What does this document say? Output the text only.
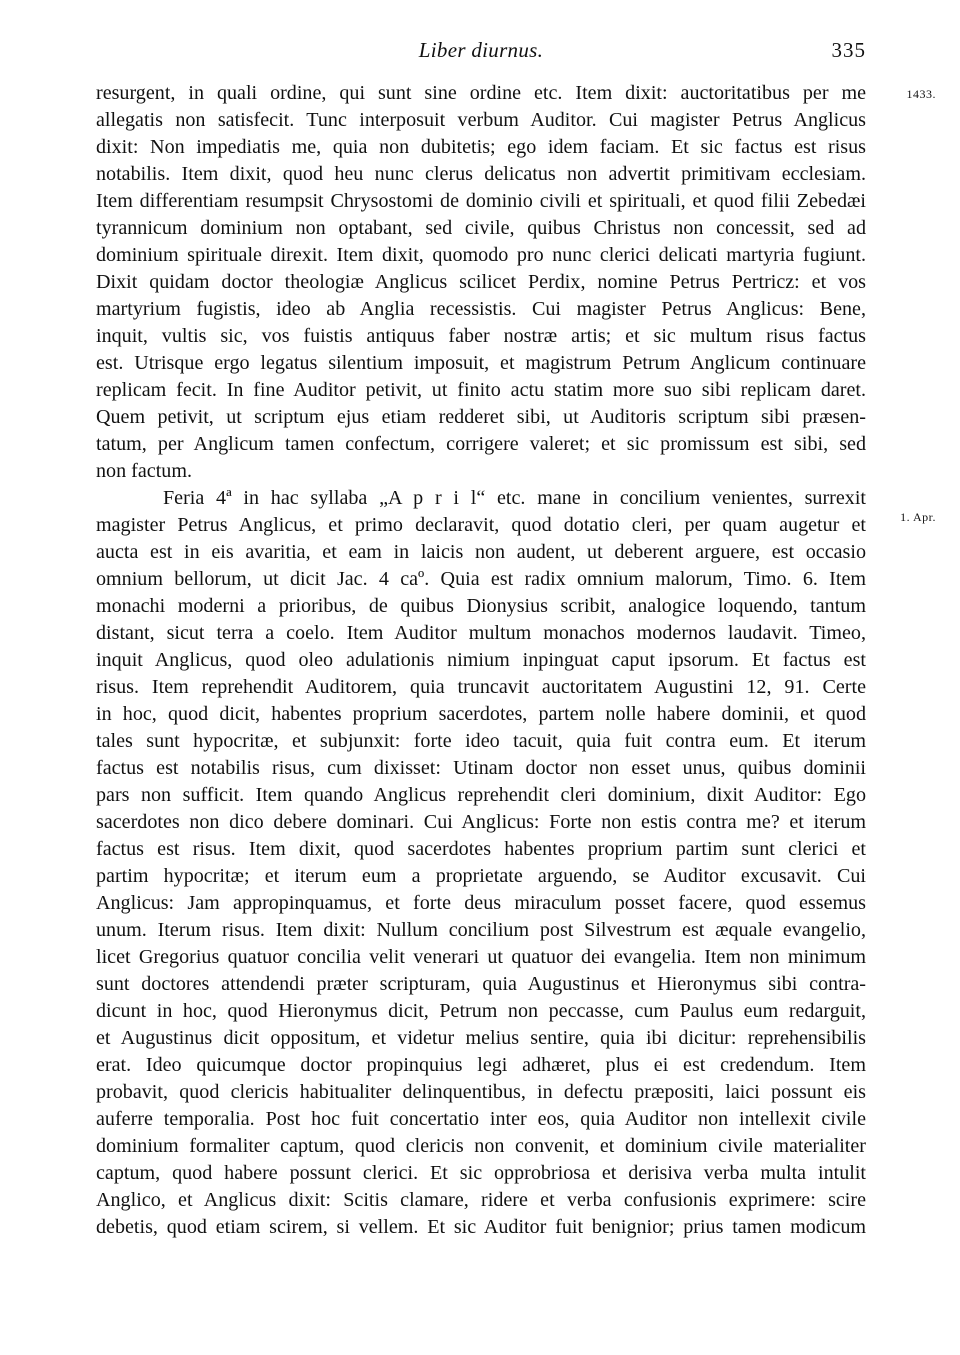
Liber diurnus.	335
1433.
1. Apr.
resurgent, in quali ordine, qui sunt sine ordine etc. Item dixit: auctoritatibus per me
allegatis non satisfecit. Tunc interposuit verbum Auditor. Cui magister Petrus Anglicus
dixit: Non impediatis me, quia non dubitetis; ego idem faciam. Et sic factus est risus
notabilis. Item dixit, quod heu nunc clerus delicatus non advertit primitivam ecclesiam.
Item differentiam resumpsit Chrysostomi de dominio civili et spirituali, et quod filii Zebedæi
tyrannicum dominium non optabant, sed civile, quibus Christus non concessit, sed ad
dominium spirituale direxit. Item dixit, quomodo pro nunc clerici delicati martyria fugiunt.
Dixit quidam doctor theologiæ Anglicus scilicet Perdix, nomine Petrus Pertricz: et vos
martyrium fugistis, ideo ab Anglia recessistis. Cui magister Petrus Anglicus: Bene,
inquit, vultis sic, vos fuistis antiquus faber nostræ artis; et sic multum risus factus
est. Utrisque ergo legatus silentium imposuit, et magistrum Petrum Anglicum continuare
replicam fecit. In fine Auditor petivit, ut finito actu statim more suo sibi replicam daret.
Quem petivit, ut scriptum ejus etiam redderet sibi, ut Auditoris scriptum sibi præsen-
tatum, per Anglicum tamen confectum, corrigere valeret; et sic promissum est sibi, sed
non factum.
Feria 4ª in hac syllaba „A p r i l“ etc. mane in concilium venientes, surrexit
magister Petrus Anglicus, et primo declaravit, quod dotatio cleri, per quam augetur et
aucta est in eis avaritia, et eam in laicis non audent, ut deberent arguere, est occasio
omnium bellorum, ut dicit Jac. 4 caº. Quia est radix omnium malorum, Timo. 6. Item
monachi moderni a prioribus, de quibus Dionysius scribit, analogice loquendo, tantum
distant, sicut terra a coelo. Item Auditor multum monachos modernos laudavit. Timeo,
inquit Anglicus, quod oleo adulationis nimium inpinguat caput ipsorum. Et factus est
risus. Item reprehendit Auditorem, quia truncavit auctoritatem Augustini 12, 91. Certe
in hoc, quod dicit, habentes proprium sacerdotes, partem nolle habere dominii, et quod
tales sunt hypocritæ, et subjunxit: forte ideo tacuit, quia fuit contra eum. Et iterum
factus est notabilis risus, cum dixisset: Utinam doctor non esset unus, quibus dominii
pars non sufficit. Item quando Anglicus reprehendit cleri dominium, dixit Auditor: Ego
sacerdotes non dico debere dominari. Cui Anglicus: Forte non estis contra me? et iterum
factus est risus. Item dixit, quod sacerdotes habentes proprium partim sunt clerici et
partim hypocritæ; et iterum eum a proprietate arguendo, se Auditor excusavit. Cui
Anglicus: Jam appropinquamus, et forte deus miraculum posset facere, quod essemus
unum. Iterum risus. Item dixit: Nullum concilium post Silvestrum est æquale evangelio,
licet Gregorius quatuor concilia velit venerari ut quatuor dei evangelia. Item non minimum
sunt doctores attendendi præter scripturam, quia Augustinus et Hieronymus sibi contra-
dicunt in hoc, quod Hieronymus dicit, Petrum non peccasse, cum Paulus eum redarguit,
et Augustinus dicit oppositum, et videtur melius sentire, quia ibi dicitur: reprehensibilis
erat. Ideo quicumque doctor propinquius legi adhæret, plus ei est credendum. Item
probavit, quod clericis habitualiter delinquentibus, in defectu præpositi, laici possunt eis
auferre temporalia. Post hoc fuit concertatio inter eos, quia Auditor non intellexit civile
dominium formaliter captum, quod clericis non convenit, et dominium civile materialiter
captum, quod habere possunt clerici. Et sic opprobriosa et derisiva verba multa intulit
Anglico, et Anglicus dixit: Scitis clamare, ridere et verba confusionis exprimere: scire
debetis, quod etiam scirem, si vellem. Et sic Auditor fuit benignior; prius tamen modicum
